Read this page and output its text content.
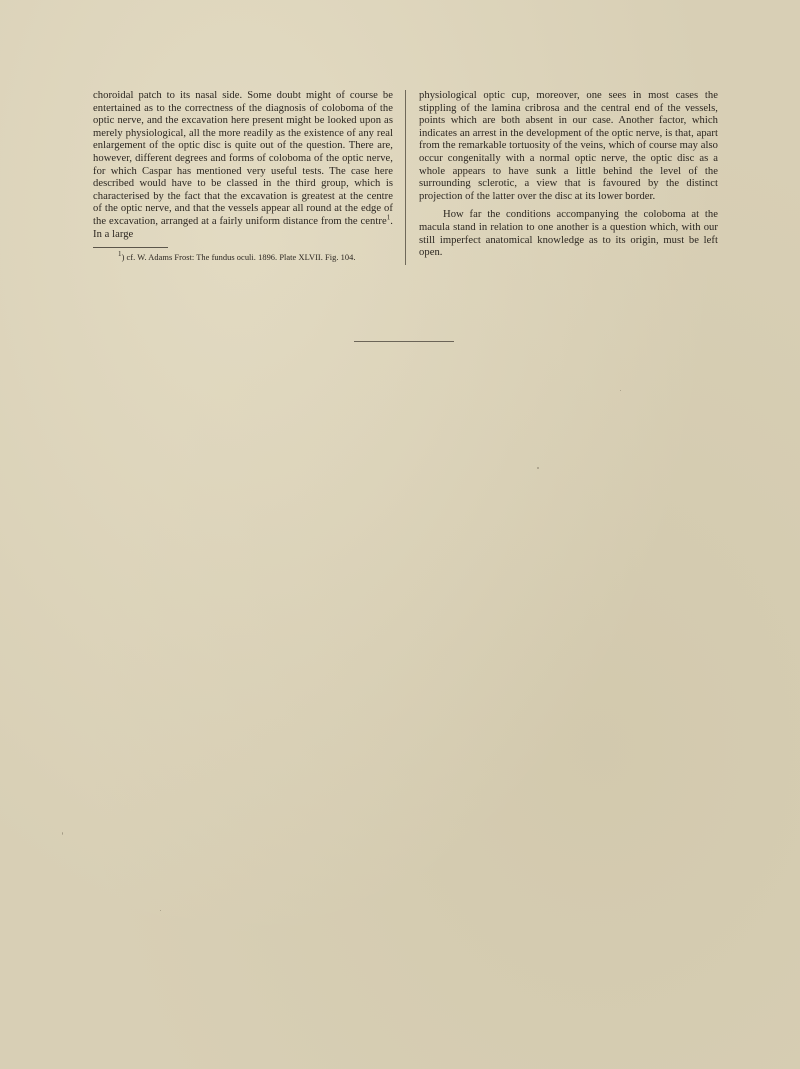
choroidal patch to its nasal side. Some doubt might of course be entertained as to the correctness of the diagnosis of coloboma of the optic nerve, and the excavation here present might be looked upon as merely physiological, all the more readily as the existence of any real enlargement of the optic disc is quite out of the question. There are, however, different degrees and forms of coloboma of the optic nerve, for which Caspar has mentioned very useful tests. The case here described would have to be classed in the third group, which is characterised by the fact that the excavation is greatest at the centre of the optic nerve, and that the vessels appear all round at the edge of the excavation, arranged at a fairly uniform distance from the centre$^1$. In a large

$^1$) cf. W. Adams Frost: The fundus oculi. 1896. Plate XLVII. Fig. 104.

physiological optic cup, moreover, one sees in most cases the stippling of the lamina cribrosa and the central end of the vessels, points which are both absent in our case. Another factor, which indicates an arrest in the development of the optic nerve, is that, apart from the remarkable tortuosity of the veins, which of course may also occur congenitally with a normal optic nerve, the optic disc as a whole appears to have sunk a little behind the level of the surrounding sclerotic, a view that is favoured by the distinct projection of the latter over the disc at its lower border.

How far the conditions accompanying the coloboma at the macula stand in relation to one another is a question which, with our still imperfect anatomical knowledge as to its origin, must be left open.
